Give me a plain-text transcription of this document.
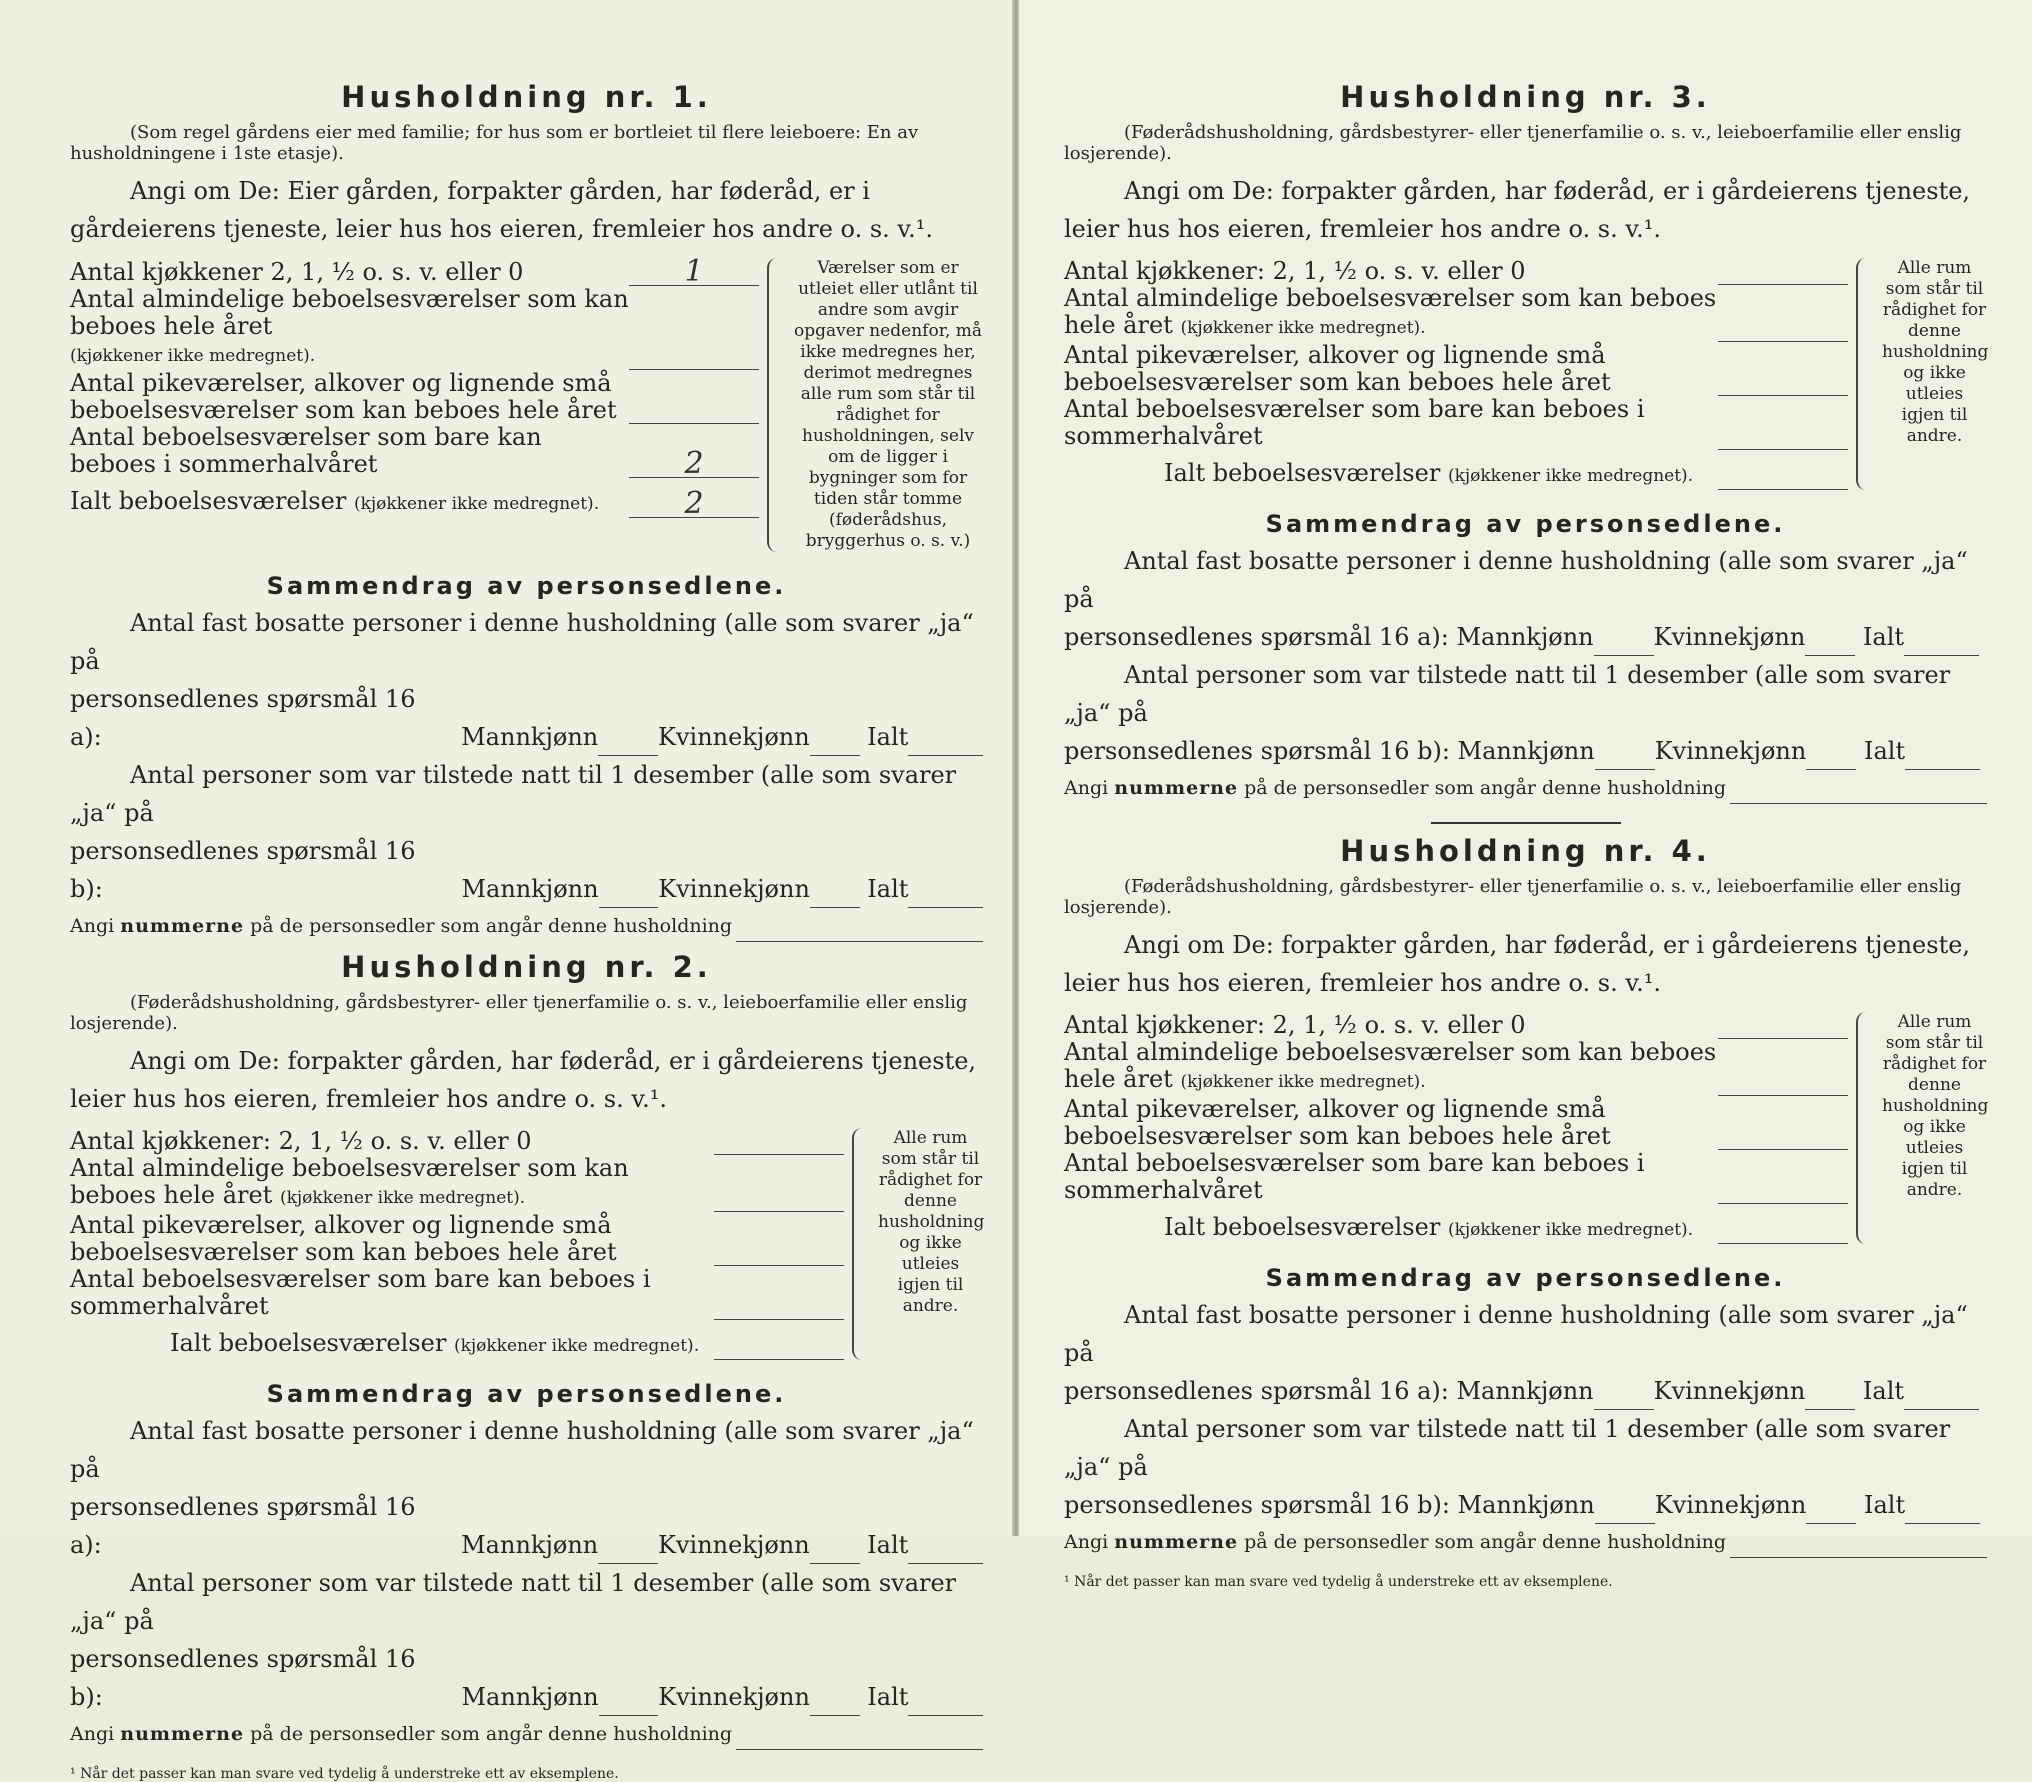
Husholdning nr. 1.

(Som regel gårdens eier med familie; for hus som er bortleiet til flere leieboere: En av husholdningene i 1ste etasje).

Angi om De: Eier gården, forpakter gården, har føderåd, er i gårdeierens tjeneste, leier hus hos eieren, fremleier hos andre o. s. v.¹.

Antal kjøkkener 2, 1, ½ o. s. v. eller 0	1
Antal almindelige beboelsesværelser som kan beboes hele året
(kjøkkener ikke medregnet).
Antal pikeværelser, alkover og lignende små beboelsesværelser som kan beboes hele året
Antal beboelsesværelser som bare kan beboes i sommerhalvåret	2
Ialt beboelsesværelser (kjøkkener ikke medregnet).	2
Værelser som er utleiet eller utlånt til andre som avgir opgaver nedenfor, må ikke medregnes her, derimot medregnes alle rum som står til rådighet for husholdningen, selv om de ligger i bygninger som for tiden står tomme (føderådshus, bryggerhus o. s. v.)
Sammendrag av personsedlene.

Antal fast bosatte personer i denne husholdning (alle som svarer „ja“ på

personsedlenes spørsmål 16 a):
	Mannkjønn Kvinnekjønn
Ialt

Antal personer som var tilstede natt til 1 desember (alle som svarer „ja“ på

personsedlenes spørsmål 16 b):
	Mannkjønn Kvinnekjønn
Ialt
Angi
nummerne
på de personsedler som angår denne husholdning
Husholdning nr. 2.

(Føderådshusholdning, gårdsbestyrer- eller tjenerfamilie o. s. v., leieboerfamilie eller enslig losjerende).

Angi om De: forpakter gården, har føderåd, er i gårdeierens tjeneste, leier hus hos eieren, fremleier hos andre o. s. v.¹.

Antal kjøkkener: 2, 1, ½ o. s. v. eller 0
Antal almindelige beboelsesværelser som kan beboes hele året (kjøkkener ikke medregnet).
Antal pikeværelser, alkover og lignende små beboelsesværelser som kan beboes hele året
Antal beboelsesværelser som bare kan beboes i sommerhalvåret
Ialt beboelsesværelser (kjøkkener ikke medregnet).
Alle rum som står til rådighet for denne husholdning og ikke utleies igjen til andre.
Sammendrag av personsedlene.

Antal fast bosatte personer i denne husholdning (alle som svarer „ja“ på

personsedlenes spørsmål 16 a):
	Mannkjønn Kvinnekjønn
Ialt

Antal personer som var tilstede natt til 1 desember (alle som svarer „ja“ på

personsedlenes spørsmål 16 b):
	Mannkjønn Kvinnekjønn
Ialt
Angi
nummerne
på de personsedler som angår denne husholdning
¹ Når det passer kan man svare ved tydelig å understreke ett av eksemplene.
Husholdning nr. 3.

(Føderådshusholdning, gårdsbestyrer- eller tjenerfamilie o. s. v., leieboerfamilie eller enslig losjerende).

Angi om De: forpakter gården, har føderåd, er i gårdeierens tjeneste, leier hus hos eieren, fremleier hos andre o. s. v.¹.

Antal kjøkkener: 2, 1, ½ o. s. v. eller 0
Antal almindelige beboelsesværelser som kan beboes hele året (kjøkkener ikke medregnet).
Antal pikeværelser, alkover og lignende små beboelsesværelser som kan beboes hele året
Antal beboelsesværelser som bare kan beboes i sommerhalvåret
Ialt beboelsesværelser (kjøkkener ikke medregnet).
Alle rum som står til rådighet for denne husholdning og ikke utleies igjen til andre.
Sammendrag av personsedlene.

Antal fast bosatte personer i denne husholdning (alle som svarer „ja“ på

personsedlenes spørsmål 16 a):
Mannkjønn	Kvinnekjønn
Ialt

Antal personer som var tilstede natt til 1 desember (alle som svarer „ja“ på

personsedlenes spørsmål 16 b):
Mannkjønn	Kvinnekjønn
Ialt
Angi
nummerne
på de personsedler som angår denne husholdning
Husholdning nr. 4.

(Føderådshusholdning, gårdsbestyrer- eller tjenerfamilie o. s. v., leieboerfamilie eller enslig losjerende).

Angi om De: forpakter gården, har føderåd, er i gårdeierens tjeneste, leier hus hos eieren, fremleier hos andre o. s. v.¹.

Antal kjøkkener: 2, 1, ½ o. s. v. eller 0
Antal almindelige beboelsesværelser som kan beboes hele året (kjøkkener ikke medregnet).
Antal pikeværelser, alkover og lignende små beboelsesværelser som kan beboes hele året
Antal beboelsesværelser som bare kan beboes i sommerhalvåret
Ialt beboelsesværelser (kjøkkener ikke medregnet).
Alle rum som står til rådighet for denne husholdning og ikke utleies igjen til andre.
Sammendrag av personsedlene.

Antal fast bosatte personer i denne husholdning (alle som svarer „ja“ på

personsedlenes spørsmål 16 a):
Mannkjønn	Kvinnekjønn
Ialt

Antal personer som var tilstede natt til 1 desember (alle som svarer „ja“ på

personsedlenes spørsmål 16 b):
Mannkjønn	Kvinnekjønn
Ialt
Angi
nummerne
på de personsedler som angår denne husholdning
¹ Når det passer kan man svare ved tydelig å understreke ett av eksemplene.
